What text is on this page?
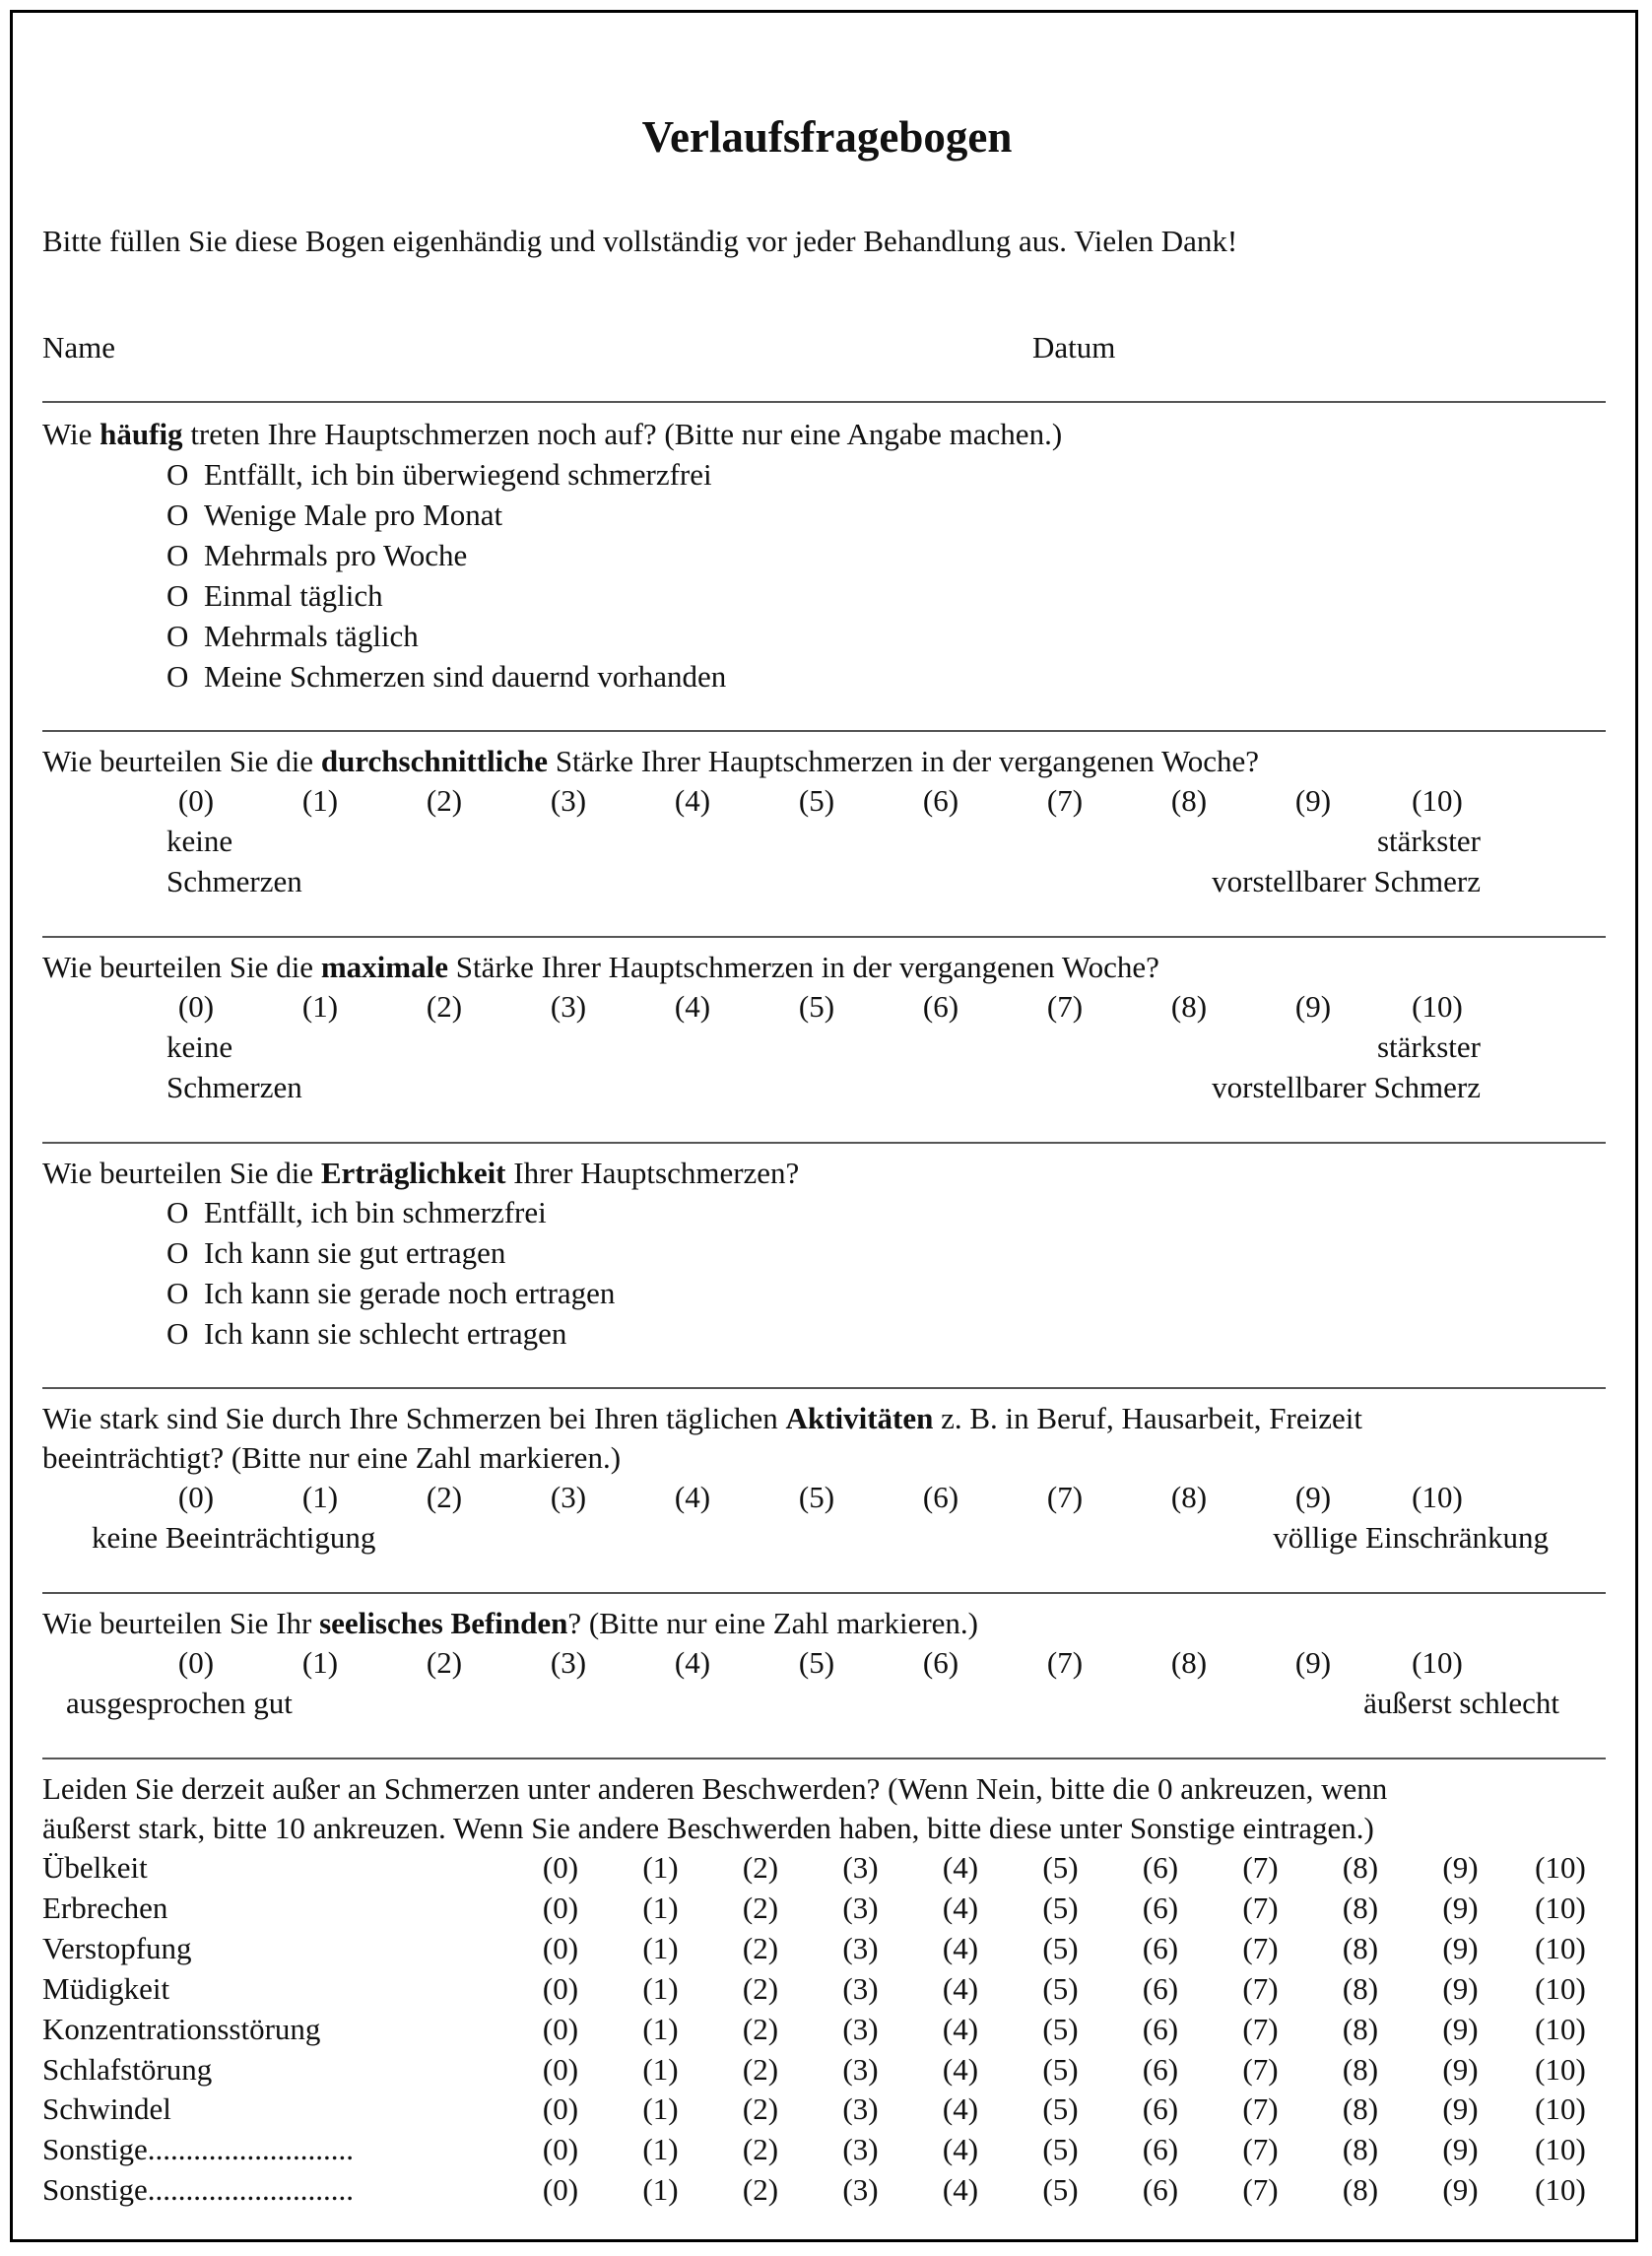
Verlaufsfragebogen
Bitte füllen Sie diese Bogen eigenhändig und vollständig vor jeder Behandlung aus. Vielen Dank!
Name	Datum
Wie häufig treten Ihre Hauptschmerzen noch auf? (Bitte nur eine Angabe machen.)
O Entfällt, ich bin überwiegend schmerzfrei
O Wenige Male pro Monat
O Mehrmals pro Woche
O Einmal täglich
O Mehrmals täglich
O Meine Schmerzen sind dauernd vorhanden
Wie beurteilen Sie die durchschnittliche Stärke Ihrer Hauptschmerzen in der vergangenen Woche?
(0)	(1)	(2)	(3)	(4)	(5)	(6)	(7)	(8)	(9)	(10)
keine
Schmerzen
stärkster
vorstellbarer Schmerz
Wie beurteilen Sie die maximale Stärke Ihrer Hauptschmerzen in der vergangenen Woche?
(0)	(1)	(2)	(3)	(4)	(5)	(6)	(7)	(8)	(9)	(10)
keine
Schmerzen
stärkster
vorstellbarer Schmerz
Wie beurteilen Sie die Erträglichkeit Ihrer Hauptschmerzen?
O Entfällt, ich bin schmerzfrei
O Ich kann sie gut ertragen
O Ich kann sie gerade noch ertragen
O Ich kann sie schlecht ertragen
Wie stark sind Sie durch Ihre Schmerzen bei Ihren täglichen Aktivitäten z. B. in Beruf, Hausarbeit, Freizeit
beeinträchtigt? (Bitte nur eine Zahl markieren.)
(0)	(1)	(2)	(3)	(4)	(5)	(6)	(7)	(8)	(9)	(10)
keine Beeinträchtigung	völlige Einschränkung
Wie beurteilen Sie Ihr seelisches Befinden? (Bitte nur eine Zahl markieren.)
(0)	(1)	(2)	(3)	(4)	(5)	(6)	(7)	(8)	(9)	(10)
ausgesprochen gut	äußerst schlecht
Leiden Sie derzeit außer an Schmerzen unter anderen Beschwerden? (Wenn Nein, bitte die 0 ankreuzen, wenn
äußerst stark, bitte 10 ankreuzen. Wenn Sie andere Beschwerden haben, bitte diese unter Sonstige eintragen.)
Übelkeit	(0) (1) (2) (3) (4) (5) (6) (7) (8) (9) (10)
Erbrechen	(0) (1) (2) (3) (4) (5) (6) (7) (8) (9) (10)
Verstopfung	(0) (1) (2) (3) (4) (5) (6) (7) (8) (9) (10)
Müdigkeit	(0) (1) (2) (3) (4) (5) (6) (7) (8) (9) (10)
Konzentrationsstörung	(0) (1) (2) (3) (4) (5) (6) (7) (8) (9) (10)
Schlafstörung	(0) (1) (2) (3) (4) (5) (6) (7) (8) (9) (10)
Schwindel	(0) (1) (2) (3) (4) (5) (6) (7) (8) (9) (10)
Sonstige...........................	(0) (1) (2) (3) (4) (5) (6) (7) (8) (9) (10)
Sonstige...........................	(0) (1) (2) (3) (4) (5) (6) (7) (8) (9) (10)
